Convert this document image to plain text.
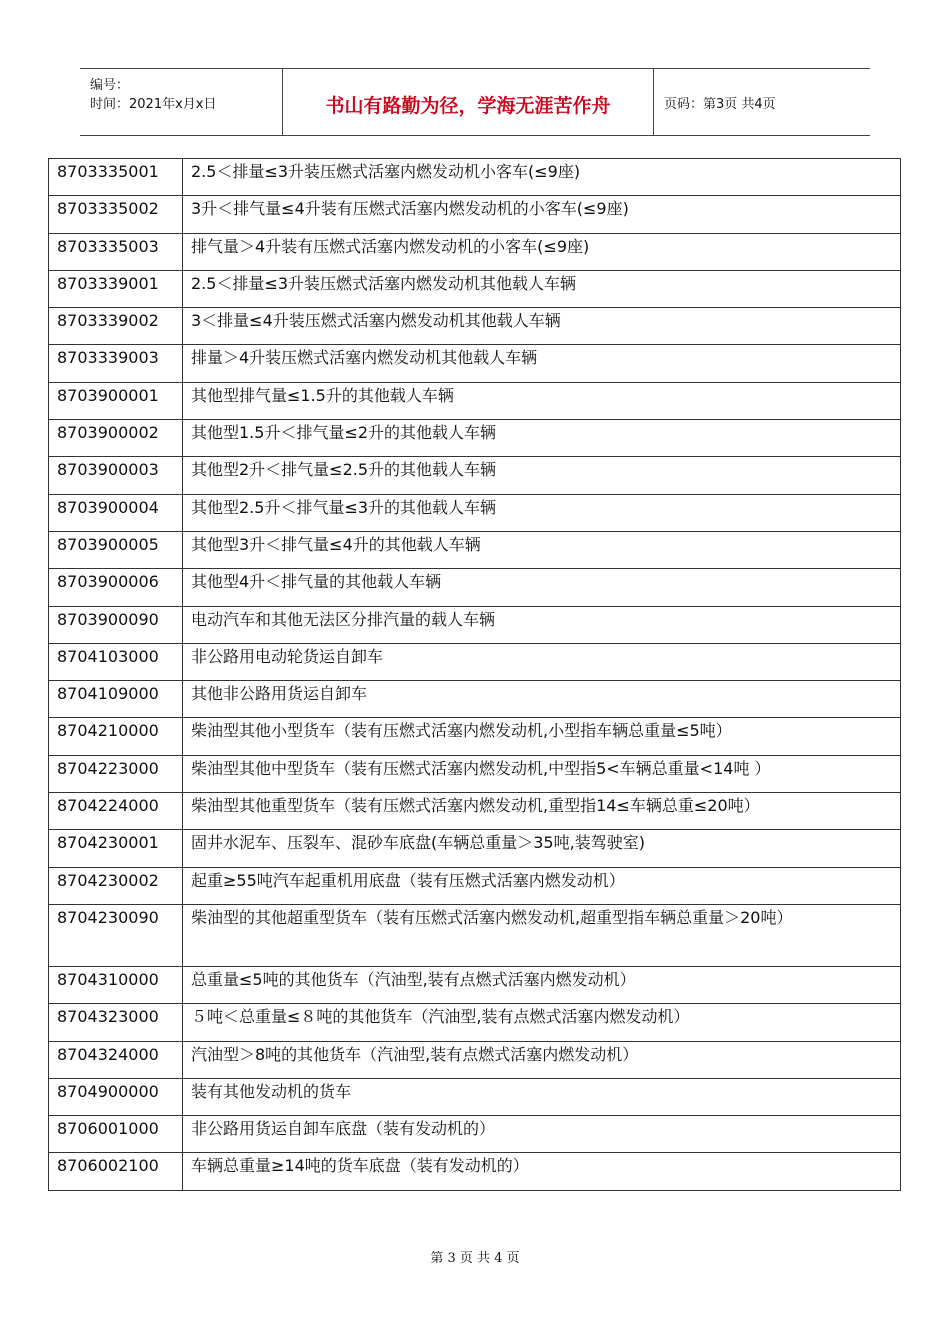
编号：
时间：2021年x月x日	书山有路勤为径，学海无涯苦作舟	页码：第3页 共4页
8703335001	2.5＜排量≤3升装压燃式活塞内燃发动机小客车(≤9座)
8703335002	3升＜排气量≤4升装有压燃式活塞内燃发动机的小客车(≤9座)
8703335003	排气量＞4升装有压燃式活塞内燃发动机的小客车(≤9座)
8703339001	2.5＜排量≤3升装压燃式活塞内燃发动机其他载人车辆
8703339002	3＜排量≤4升装压燃式活塞内燃发动机其他载人车辆
8703339003	排量＞4升装压燃式活塞内燃发动机其他载人车辆
8703900001	其他型排气量≤1.5升的其他载人车辆
8703900002	其他型1.5升＜排气量≤2升的其他载人车辆
8703900003	其他型2升＜排气量≤2.5升的其他载人车辆
8703900004	其他型2.5升＜排气量≤3升的其他载人车辆
8703900005	其他型3升＜排气量≤4升的其他载人车辆
8703900006	其他型4升＜排气量的其他载人车辆
8703900090	电动汽车和其他无法区分排汽量的载人车辆
8704103000	非公路用电动轮货运自卸车
8704109000	其他非公路用货运自卸车
8704210000	柴油型其他小型货车（装有压燃式活塞内燃发动机,小型指车辆总重量≤5吨）
8704223000	柴油型其他中型货车（装有压燃式活塞内燃发动机,中型指5<车辆总重量<14吨 ）
8704224000	柴油型其他重型货车（装有压燃式活塞内燃发动机,重型指14≤车辆总重≤20吨）
8704230001	固井水泥车、压裂车、混砂车底盘(车辆总重量＞35吨,装驾驶室)
8704230002	起重≥55吨汽车起重机用底盘（装有压燃式活塞内燃发动机）
8704230090	柴油型的其他超重型货车（装有压燃式活塞内燃发动机,超重型指车辆总重量＞20吨）
8704310000	总重量≤5吨的其他货车（汽油型,装有点燃式活塞内燃发动机）
8704323000	５吨＜总重量≤８吨的其他货车（汽油型,装有点燃式活塞内燃发动机）
8704324000	汽油型＞8吨的其他货车（汽油型,装有点燃式活塞内燃发动机）
8704900000	装有其他发动机的货车
8706001000	非公路用货运自卸车底盘（装有发动机的）
8706002100	车辆总重量≥14吨的货车底盘（装有发动机的）
第 3 页 共 4 页
